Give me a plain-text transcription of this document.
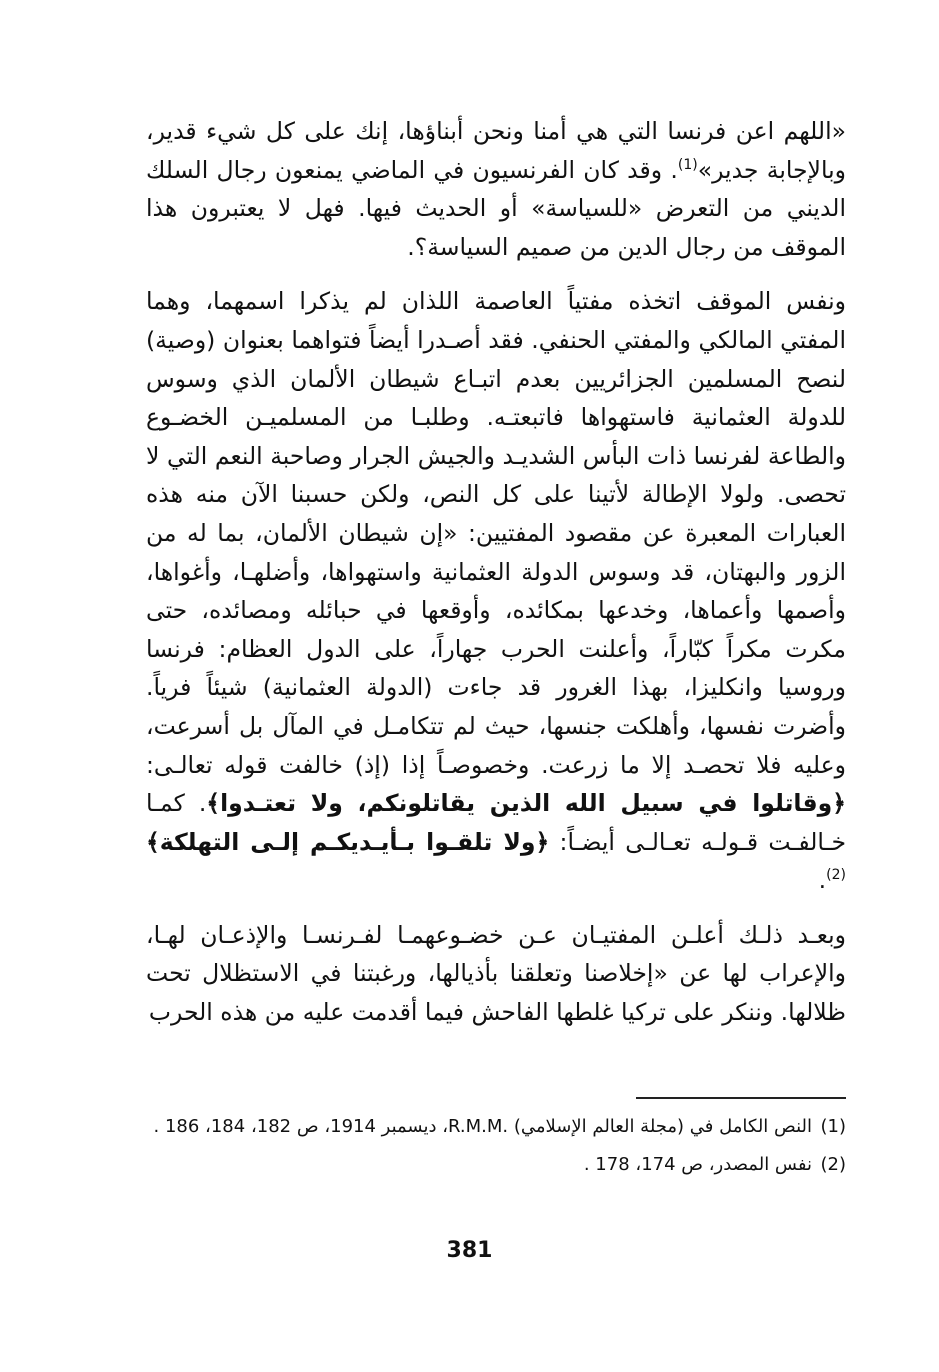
«اللهم اعن فرنسا التي هي أمنا ونحن أبناؤها، إنك على كل شيء قدير، وبالإجابة جدير»$^{(1)}$. وقد كان الفرنسيون في الماضي يمنعون رجال السلك الديني من التعرض «للسياسة» أو الحديث فيها. فهل لا يعتبرون هذا الموقف من رجال الدين من صميم السياسة؟.

ونفس الموقف اتخذه مفتياً العاصمة اللذان لم يذكرا اسمهما، وهما المفتي المالكي والمفتي الحنفي. فقد أصـدرا أيضاً فتواهما بعنوان (وصية) لنصح المسلمين الجزائريين بعدم اتبـاع شيطان الألمان الذي وسوس للدولة العثمانية فاستهواها فاتبعتـه. وطلبـا من المسلميـن الخضـوع والطاعة لفرنسا ذات البأس الشديـد والجيش الجرار وصاحبة النعم التي لا تحصى. ولولا الإطالة لأتينا على كل النص، ولكن حسبنا الآن منه هذه العبارات المعبرة عن مقصود المفتيين: «إن شيطان الألمان، بما له من الزور والبهتان، قد وسوس الدولة العثمانية واستهواها، وأضلهـا، وأغواها، وأصمها وأعماها، وخدعها بمكائده، وأوقعها في حبائله ومصائده، حتى مكرت مكراً كبّاراً، وأعلنت الحرب جهاراً، على الدول العظام: فرنسا وروسيا وانكليزا، بهذا الغرور قد جاءت (الدولة العثمانية) شيئاً فرياً. وأضرت نفسها، وأهلكت جنسها، حيث لم تتكامـل في المآل بل أسرعت، وعليه فلا تحصـد إلا ما زرعت. وخصوصـاً إذا (إذ) خالفت قوله تعالـى: ﴿وقاتلوا في سبيل الله الذين يقاتلونكم، ولا تعتـدوا﴾. كمـا خـالفـت قـولـه تعـالـى أيضـاً: ﴿ولا تلقـوا بـأيـديكـم إلـى التهلكة﴾$^{(2)}$.

وبعـد ذلـك أعلـن المفتيـان عـن خضـوعهمـا لفـرنسـا والإذعـان لهـا، والإعراب لها عن «إخلاصنا وتعلقنا بأذيالها، ورغبتنا في الاستظلال تحت ظلالها. وننكر على تركيا غلطها الفاحش فيما أقدمت عليه من هذه الحرب

(1)
النص الكامل في (مجلة العالم الإسلامي) .R.M.M، ديسمبر 1914، ص 182، 184، 186 .
(2)
نفس المصدر، ص 174، 178 .
381
